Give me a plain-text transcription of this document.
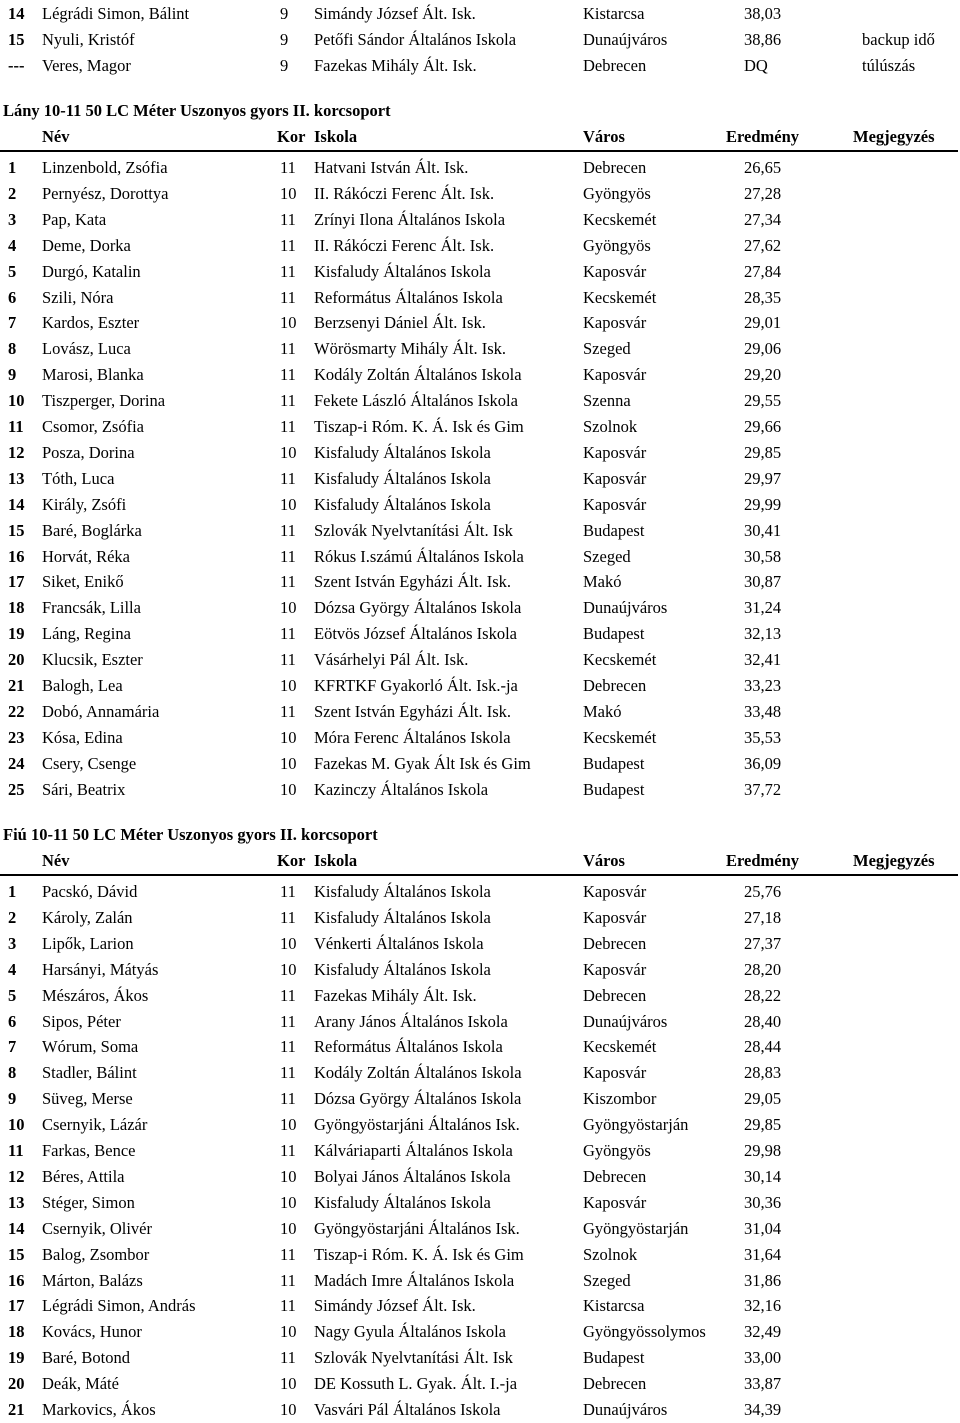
14 Légrádi Simon, Bálint	9 Simándy József Ált. Isk.	Kistarcsa	38,03
15 Nyuli, Kristóf	9 Petőfi Sándor Általános Iskola	Dunaújváros	38,86	backup idő
--- Veres, Magor	9 Fazekas Mihály Ált. Isk.	Debrecen	DQ	túlúszás
Lány 10-11 50 LC Méter Uszonyos gyors II. korcsoport
Név	Kor Iskola	Város	Eredmény	Megjegyzés
1 Linzenbold, Zsófia	11 Hatvani István Ált. Isk.	Debrecen	26,65
2 Pernyész, Dorottya	10 II. Rákóczi Ferenc Ált. Isk.	Gyöngyös	27,28
3 Pap, Kata	11 Zrínyi Ilona Általános Iskola	Kecskemét	27,34
4 Deme, Dorka	11 II. Rákóczi Ferenc Ált. Isk.	Gyöngyös	27,62
5 Durgó, Katalin	11 Kisfaludy Általános Iskola	Kaposvár	27,84
6 Szili, Nóra	11 Református Általános Iskola	Kecskemét	28,35
7 Kardos, Eszter	10 Berzsenyi Dániel Ált. Isk.	Kaposvár	29,01
8 Lovász, Luca	11 Wörösmarty Mihály Ált. Isk.	Szeged	29,06
9 Marosi, Blanka	11 Kodály Zoltán Általános Iskola	Kaposvár	29,20
10 Tiszperger, Dorina	11 Fekete László Általános Iskola	Szenna	29,55
11 Csomor, Zsófia	11 Tiszap-i Róm. K. Á. Isk és Gim	Szolnok	29,66
12 Posza, Dorina	10 Kisfaludy Általános Iskola	Kaposvár	29,85
13 Tóth, Luca	11 Kisfaludy Általános Iskola	Kaposvár	29,97
14 Király, Zsófi	10 Kisfaludy Általános Iskola	Kaposvár	29,99
15 Baré, Boglárka	11 Szlovák Nyelvtanítási Ált. Isk	Budapest	30,41
16 Horvát, Réka	11 Rókus I.számú Általános Iskola	Szeged	30,58
17 Siket, Enikő	11 Szent István Egyházi Ált. Isk.	Makó	30,87
18 Francsák, Lilla	10 Dózsa György Általános Iskola	Dunaújváros	31,24
19 Láng, Regina	11 Eötvös József Általános Iskola	Budapest	32,13
20 Klucsik, Eszter	11 Vásárhelyi Pál Ált. Isk.	Kecskemét	32,41
21 Balogh, Lea	10 KFRTKF Gyakorló Ált. Isk.-ja	Debrecen	33,23
22 Dobó, Annamária	11 Szent István Egyházi Ált. Isk.	Makó	33,48
23 Kósa, Edina	10 Móra Ferenc Általános Iskola	Kecskemét	35,53
24 Csery, Csenge	10 Fazekas M. Gyak Ált Isk és Gim	Budapest	36,09
25 Sári, Beatrix	10 Kazinczy Általános Iskola	Budapest	37,72
Fiú 10-11 50 LC Méter Uszonyos gyors II. korcsoport
Név	Kor Iskola	Város	Eredmény	Megjegyzés
1 Pacskó, Dávid	11 Kisfaludy Általános Iskola	Kaposvár	25,76
2 Károly, Zalán	11 Kisfaludy Általános Iskola	Kaposvár	27,18
3 Lipők, Larion	10 Vénkerti Általános Iskola	Debrecen	27,37
4 Harsányi, Mátyás	10 Kisfaludy Általános Iskola	Kaposvár	28,20
5 Mészáros, Ákos	11 Fazekas Mihály Ált. Isk.	Debrecen	28,22
6 Sipos, Péter	11 Arany János Általános Iskola	Dunaújváros	28,40
7 Wórum, Soma	11 Református Általános Iskola	Kecskemét	28,44
8 Stadler, Bálint	11 Kodály Zoltán Általános Iskola	Kaposvár	28,83
9 Süveg, Merse	11 Dózsa György Általános Iskola	Kiszombor	29,05
10 Csernyik, Lázár	10 Gyöngyöstarjáni Általános Isk.	Gyöngyöstarján	29,85
11 Farkas, Bence	11 Kálváriaparti Általános Iskola	Gyöngyös	29,98
12 Béres, Attila	10 Bolyai János Általános Iskola	Debrecen	30,14
13 Stéger, Simon	10 Kisfaludy Általános Iskola	Kaposvár	30,36
14 Csernyik, Olivér	10 Gyöngyöstarjáni Általános Isk.	Gyöngyöstarján	31,04
15 Balog, Zsombor	11 Tiszap-i Róm. K. Á. Isk és Gim	Szolnok	31,64
16 Márton, Balázs	11 Madách Imre Általános Iskola	Szeged	31,86
17 Légrádi Simon, András	11 Simándy József Ált. Isk.	Kistarcsa	32,16
18 Kovács, Hunor	10 Nagy Gyula Általános Iskola	Gyöngyössolymos 32,49
19 Baré, Botond	11 Szlovák Nyelvtanítási Ált. Isk	Budapest	33,00
20 Deák, Máté	10 DE Kossuth L. Gyak. Ált. I.-ja	Debrecen	33,87
21 Markovics, Ákos	10 Vasvári Pál Általános Iskola	Dunaújváros	34,39
